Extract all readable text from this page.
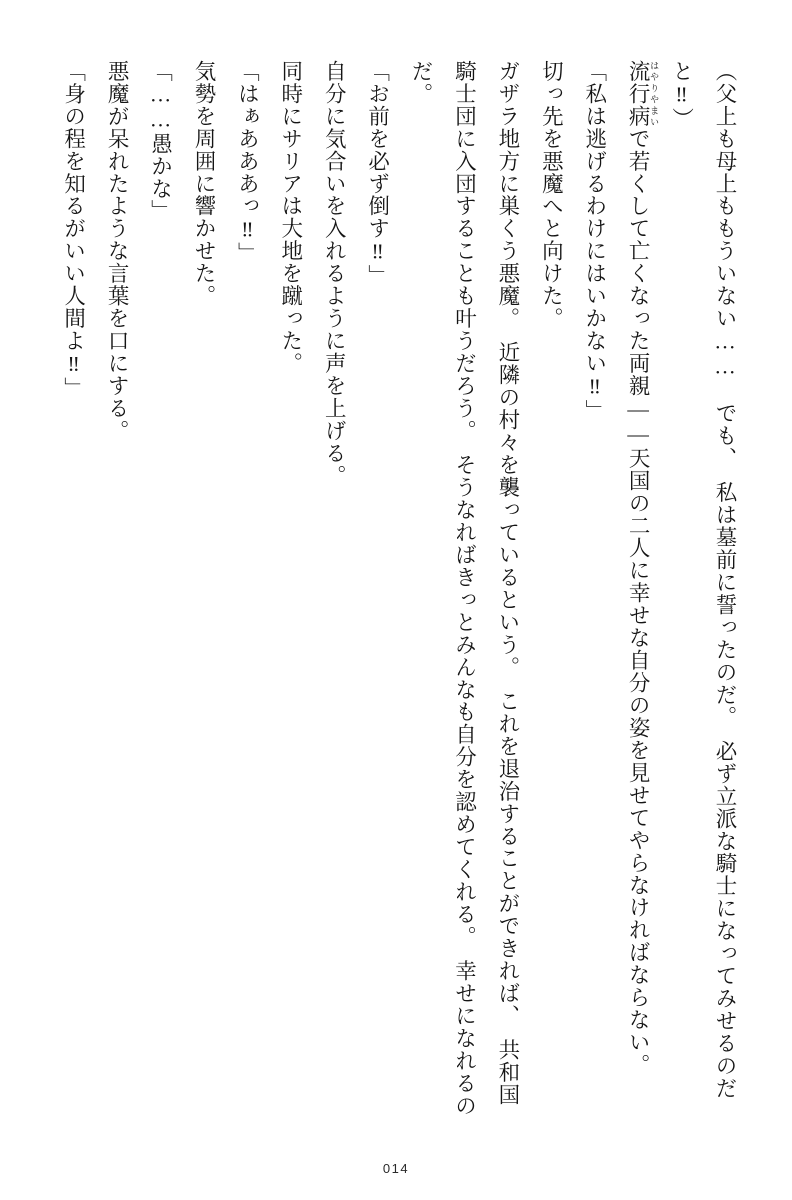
（父上も母上ももういない……　でも、　私は墓前に誓ったのだ。　必ず立派な騎士になってみせるのだと‼）

流行病 はやりやまいで若くして亡くなった両親——天国の二人に幸せな自分の姿を見せてやらなければならない。

「私は逃げるわけにはいかない‼」

切っ先を悪魔へと向けた。

ガザラ地方に巣くう悪魔。　近隣の村々を襲っているという。　これを退治することができれば、　共和国騎士団に入団することも叶うだろう。　そうなればきっとみんなも自分を認めてくれる。　幸せになれるのだ。

「お前を必ず倒す‼」

自分に気合いを入れるように声を上げる。

同時にサリアは大地を蹴った。

「はぁあああっ‼」

気勢を周囲に響かせた。

「……愚かな」

悪魔が呆れたような言葉を口にする。

「身の程を知るがいい人間よ‼」

014
